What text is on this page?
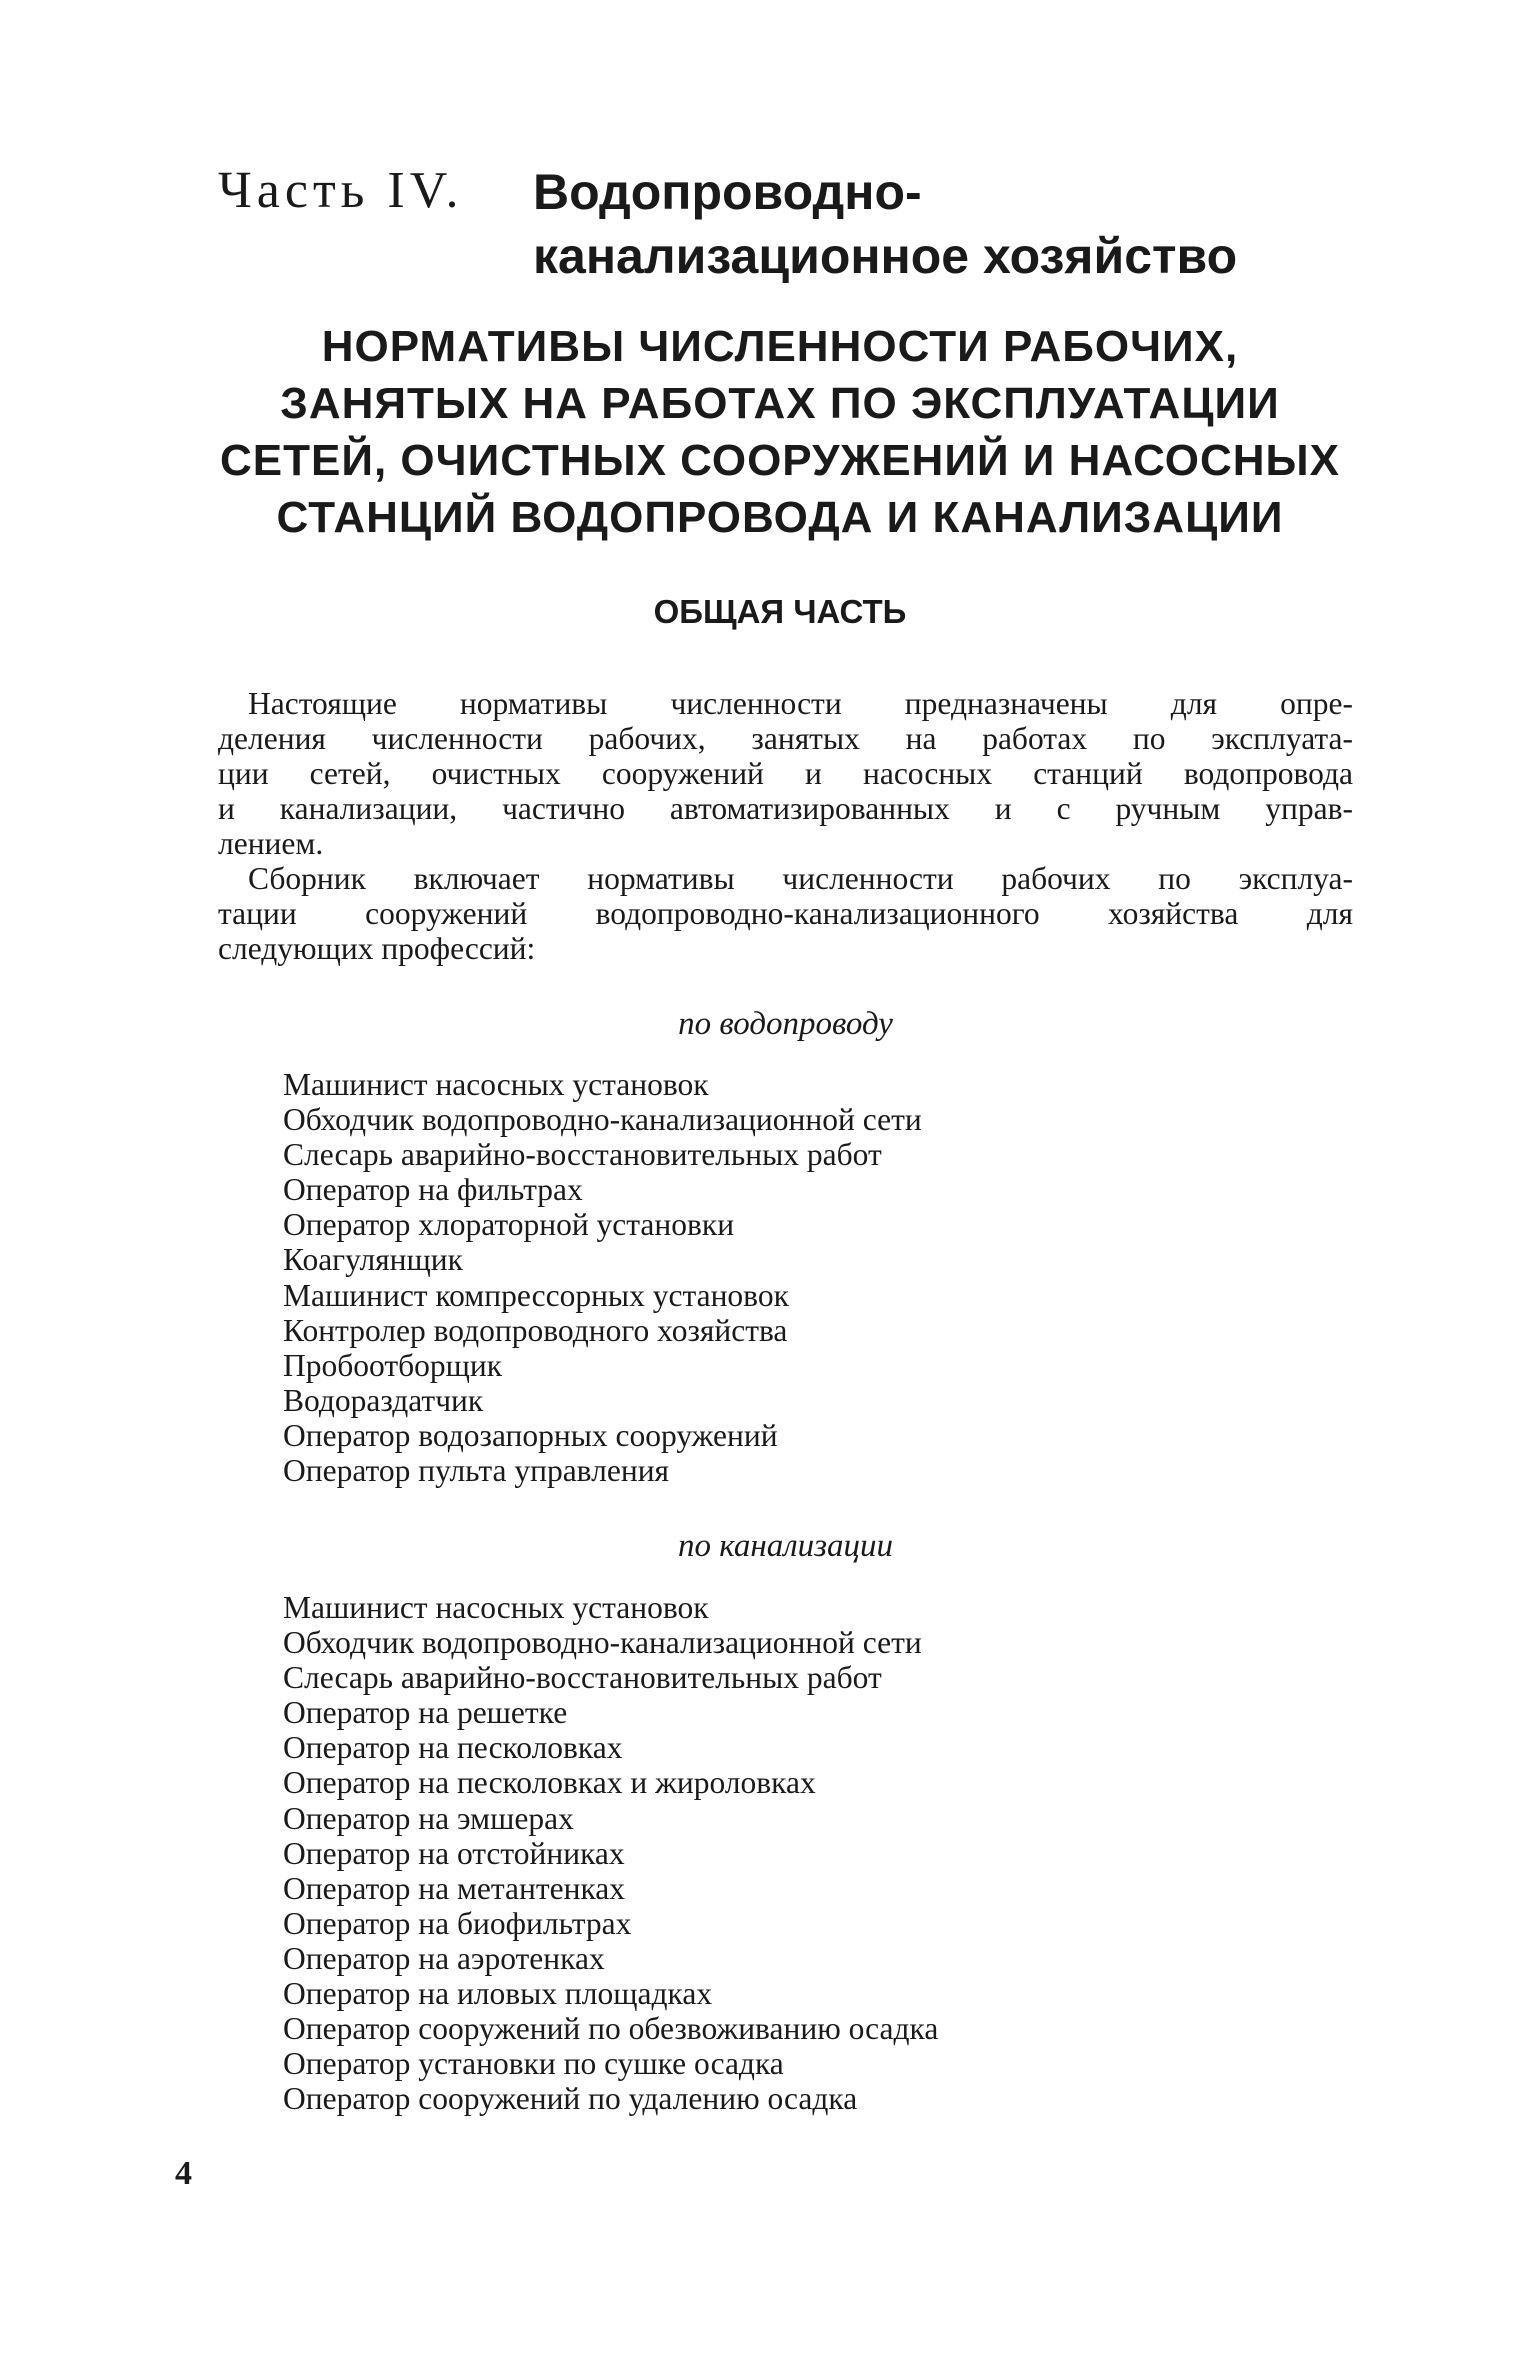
Часть IV. Водопроводно-канализационное хозяйство
НОРМАТИВЫ ЧИСЛЕННОСТИ РАБОЧИХ,
ЗАНЯТЫХ НА РАБОТАХ ПО ЭКСПЛУАТАЦИИ
СЕТЕЙ, ОЧИСТНЫХ СООРУЖЕНИЙ И НАСОСНЫХ
СТАНЦИЙ ВОДОПРОВОДА И КАНАЛИЗАЦИИ
ОБЩАЯ ЧАСТЬ
Настоящие нормативы численности предназначены для опре-
деления численности рабочих, занятых на работах по эксплуата-
ции сетей, очистных сооружений и насосных станций водопровода
и канализации, частично автоматизированных и с ручным управ-
лением.
Сборник включает нормативы численности рабочих по эксплуа-
тации сооружений водопроводно-канализационного хозяйства для
следующих профессий:
по водопроводу
Машинист насосных установок
Обходчик водопроводно-канализационной сети
Слесарь аварийно-восстановительных работ
Оператор на фильтрах
Оператор хлораторной установки
Коагулянщик
Машинист компрессорных установок
Контролер водопроводного хозяйства
Пробоотборщик
Водораздатчик
Оператор водозапорных сооружений
Оператор пульта управления
по канализации
Машинист насосных установок
Обходчик водопроводно-канализационной сети
Слесарь аварийно-восстановительных работ
Оператор на решетке
Оператор на песколовках
Оператор на песколовках и жироловках
Оператор на эмшерах
Оператор на отстойниках
Оператор на метантенках
Оператор на биофильтрах
Оператор на аэротенках
Оператор на иловых площадках
Оператор сооружений по обезвоживанию осадка
Оператор установки по сушке осадка
Оператор сооружений по удалению осадка
4
